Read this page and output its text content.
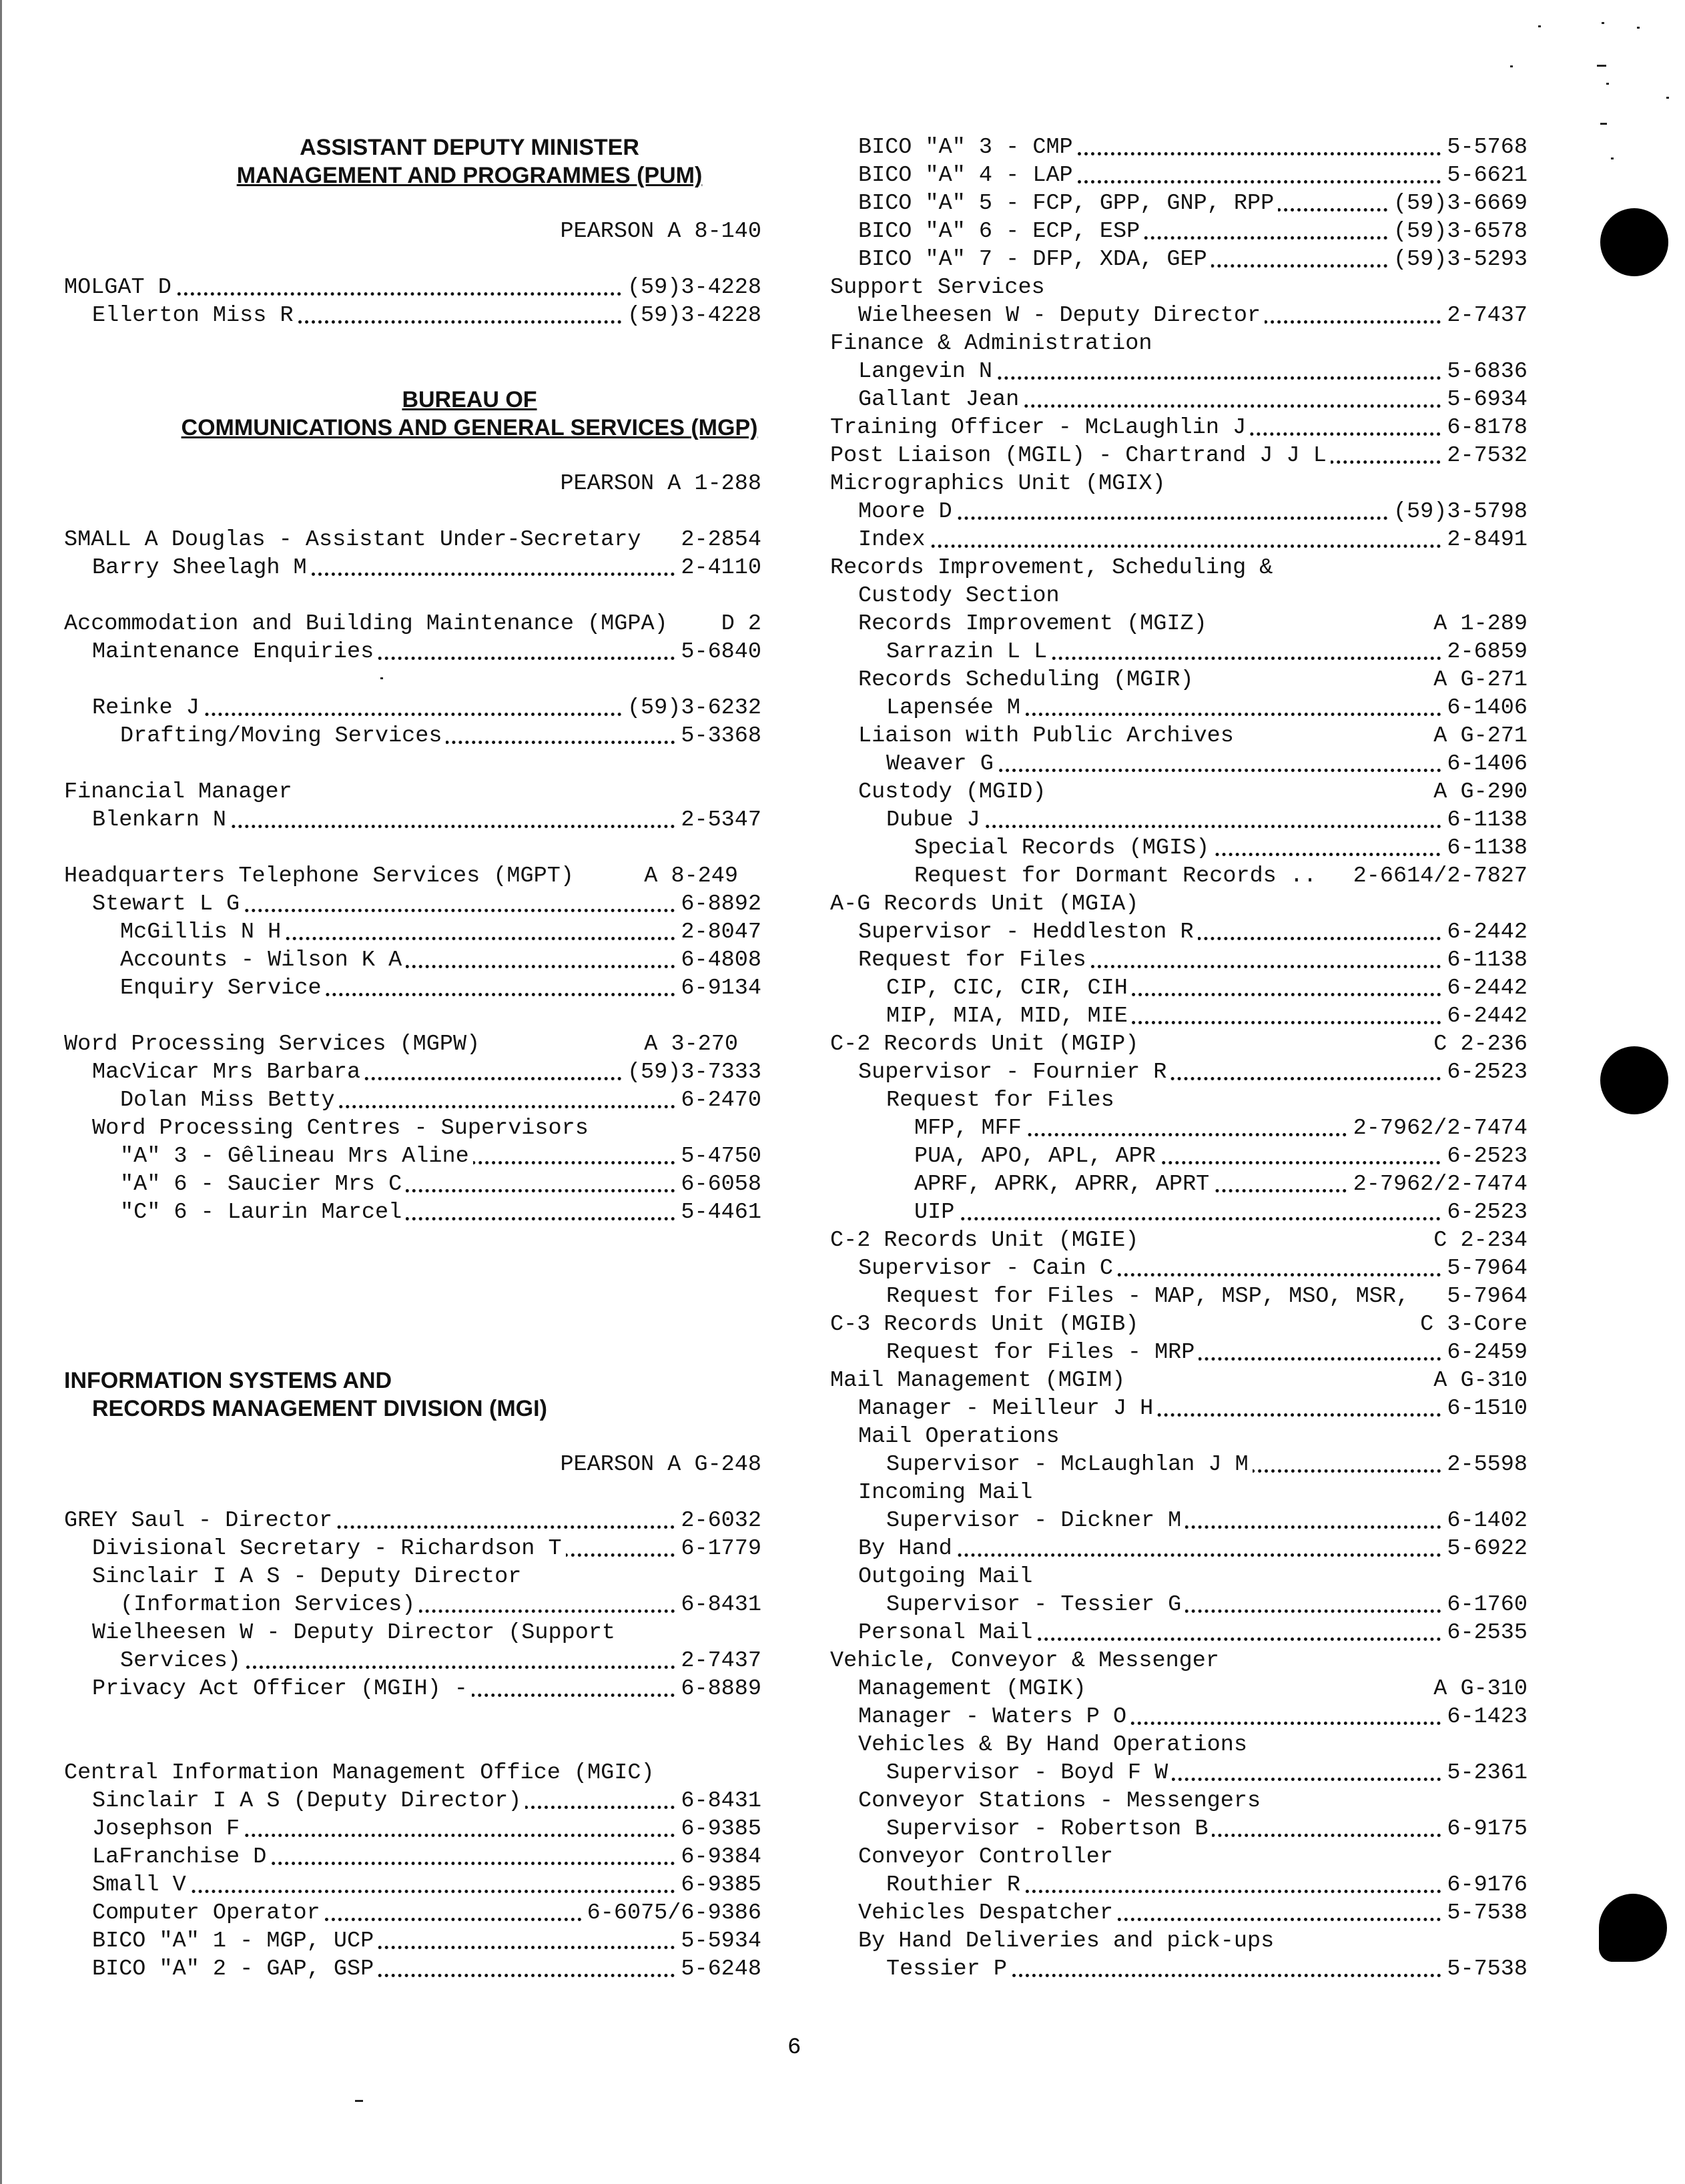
ASSISTANT DEPUTY MINISTER
MANAGEMENT AND PROGRAMMES (PUM)
PEARSON A 8-140
MOLGAT D	(59)3-4228
Ellerton Miss R	(59)3-4228
BUREAU OF
COMMUNICATIONS AND GENERAL SERVICES (MGP)
PEARSON A 1-288
SMALL A Douglas - Assistant Under-Secretary 2-2854
Barry Sheelagh M	2-4110
Accommodation and Building Maintenance (MGPA) D 2
Maintenance Enquiries	5-6840
Reinke J	(59)3-6232
Drafting/Moving Services	5-3368
Financial Manager
Blenkarn N	2-5347
Headquarters Telephone Services (MGPT)	A 8-249
Stewart L G	6-8892
McGillis N H	2-8047
Accounts - Wilson K A	6-4808
Enquiry Service	6-9134
Word Processing Services (MGPW)	A 3-270
MacVicar Mrs Barbara	(59)3-7333
Dolan Miss Betty	6-2470
Word Processing Centres - Supervisors
"A" 3 - Gêlineau Mrs Aline	5-4750
"A" 6 - Saucier Mrs C	6-6058
"C" 6 - Laurin Marcel	5-4461
INFORMATION SYSTEMS AND
RECORDS MANAGEMENT DIVISION (MGI)
PEARSON A G-248
GREY Saul - Director	2-6032
Divisional Secretary - Richardson T	6-1779
Sinclair I A S - Deputy Director
(Information Services)	6-8431
Wielheesen W - Deputy Director (Support
Services)	2-7437
Privacy Act Officer (MGIH) -	6-8889
Central Information Management Office (MGIC)
Sinclair I A S (Deputy Director)	6-8431
Josephson F	6-9385
LaFranchise D	6-9384
Small V	6-9385
Computer Operator	6-6075/6-9386
BICO "A" 1 - MGP, UCP	5-5934
BICO "A" 2 - GAP, GSP	5-6248
BICO "A" 3 - CMP	5-5768
BICO "A" 4 - LAP	5-6621
BICO "A" 5 - FCP, GPP, GNP, RPP	(59)3-6669
BICO "A" 6 - ECP, ESP	(59)3-6578
BICO "A" 7 - DFP, XDA, GEP	(59)3-5293
Support Services
Wielheesen W - Deputy Director	2-7437
Finance & Administration
Langevin N	5-6836
Gallant Jean	5-6934
Training Officer - McLaughlin J	6-8178
Post Liaison (MGIL) - Chartrand J J L	2-7532
Micrographics Unit (MGIX)
Moore D	(59)3-5798
Index	2-8491
Records Improvement, Scheduling &
Custody Section
Records Improvement (MGIZ)	A 1-289
Sarrazin L L	2-6859
Records Scheduling (MGIR)	A G-271
Lapensée M	6-1406
Liaison with Public Archives	A G-271
Weaver G	6-1406
Custody (MGID)	A G-290
Dubue J	6-1138
Special Records (MGIS)	6-1138
Request for Dormant Records .. 2-6614/2-7827
A-G Records Unit (MGIA)
Supervisor - Heddleston R	6-2442
Request for Files	6-1138
CIP, CIC, CIR, CIH	6-2442
MIP, MIA, MID, MIE	6-2442
C-2 Records Unit (MGIP)	C 2-236
Supervisor - Fournier R	6-2523
Request for Files
MFP, MFF	2-7962/2-7474
PUA, APO, APL, APR	6-2523
APRF, APRK, APRR, APRT	2-7962/2-7474
UIP	6-2523
C-2 Records Unit (MGIE)	C 2-234
Supervisor - Cain C	5-7964
Request for Files - MAP, MSP, MSO, MSR, 5-7964
C-3 Records Unit (MGIB)	C 3-Core
Request for Files - MRP	6-2459
Mail Management (MGIM)	A G-310
Manager - Meilleur J H	6-1510
Mail Operations
Supervisor - McLaughlan J M	2-5598
Incoming Mail
Supervisor - Dickner M	6-1402
By Hand	5-6922
Outgoing Mail
Supervisor - Tessier G	6-1760
Personal Mail	6-2535
Vehicle, Conveyor & Messenger
Management (MGIK)	A G-310
Manager - Waters P O	6-1423
Vehicles & By Hand Operations
Supervisor - Boyd F W	5-2361
Conveyor Stations - Messengers
Supervisor - Robertson B	6-9175
Conveyor Controller
Routhier R	6-9176
Vehicles Despatcher	5-7538
By Hand Deliveries and pick-ups
Tessier P	5-7538
6
